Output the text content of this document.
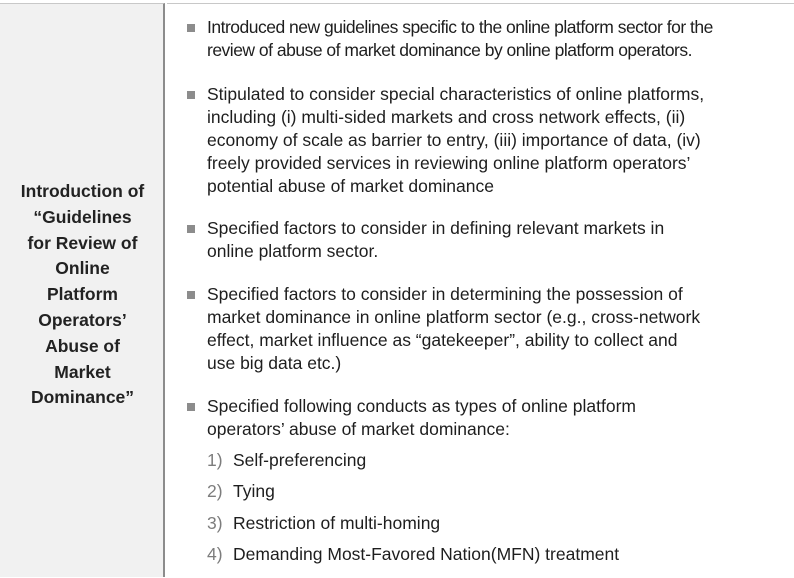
Introduction of
“Guidelines
for Review of
Online
Platform
Operators’
Abuse of
Market
Dominance”
Introduced new guidelines specific to the online platform sector for the
review of abuse of market dominance by online platform operators.
Stipulated to consider special characteristics of online platforms,
including (i) multi-sided markets and cross network effects, (ii)
economy of scale as barrier to entry, (iii) importance of data, (iv)
freely provided services in reviewing online platform operators’
potential abuse of market dominance
Specified factors to consider in defining relevant markets in
online platform sector.
Specified factors to consider in determining the possession of
market dominance in online platform sector (e.g., cross-network
effect, market influence as “gatekeeper”, ability to collect and
use big data etc.)
Specified following conducts as types of online platform
operators’ abuse of market dominance:
1) Self-preferencing
2) Tying
3) Restriction of multi-homing
4) Demanding Most-Favored Nation(MFN) treatment
